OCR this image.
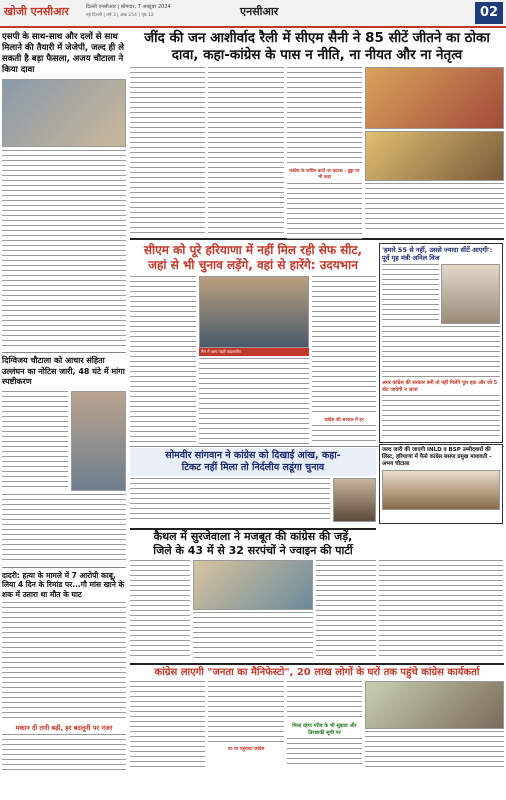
खोजी एनसीआर	दिल्ली एनसीआर | सोमवार, 7 अक्टूबर 2024
नई दिल्ली | वर्ष 3 | अंक 254 | पृष्ठ 12	एनसीआर	02
एसपी के साथ-साथ और दलों से साथ मिलाने की तैयारी में जेजेपी, जल्द ही ले सकती है बड़ा फैसला, अजय चौटाला ने किया दावा
दिग्विजय चौटाला को आचार संहिता उल्लंघन का नोटिस जारी, 48 घंटे में मांगा स्पष्टीकरण
दादरी: हत्या के मामले में 7 आरोपी काबू, लिया 4 दिन के रिमांड पर...गौ मांस खाने के शक में उतारा था मौत के घाट
मकान दी तारी बढ़ी, हर बदलूनी पर नजर
जींद की जन आशीर्वाद रैली में सीएम सैनी ने 85 सीटें जीतने का ठोका
दावा, कहा-कांग्रेस के पास न नीति, ना नीयत और ना नेतृत्व
कांग्रेस के कथित वादों पर कटाक्ष : हुड्डा पर भी कहा
सीएम को पूरे हरियाणा में नहीं मिल रही सेफ सीट,
जहां से भी चुनाव लड़ेंगे, वहां से हारेंगे: उदयभान
सैन में आप पहले कहलायेगा
कांग्रेस की सरकार में हर
'हमारे 55 से नहीं, उससे ज्यादा सीटें आएगी': पूर्व गृह मंत्री अनिल विज
अगर कांग्रेस की सरकार बनी तो नहीं मिलेंगे पूरा हक़ और जो 5 वोट जायेगी न जाना
सोमवीर सांगवान ने कांग्रेस को दिखाई आंख, कहा-
टिकट नहीं मिला तो निर्दलीय लडूंगा चुनाव
जल्द जारी की जाएगी INLD व BSP उम्मीदवारों की लिस्ट, हरियाणा में फैसे कांग्रेस बसपा प्रमुख मायावती - अभय चौटाला
कैथल में सुरजेवाला ने मजबूत की कांग्रेस की जड़ें,
जिले के 43 में से 32 सरपंचों ने ज्वाइन की पार्टी
कांग्रेस लाएगी "जनता का मैनिफेस्टो", 20 लाख लोगों के घरों तक पहुंचे कांग्रेस कार्यकर्ता
पर-पर पहुंचाया कांग्रेस
मिला रहेगा गरीब के भी सुझाव और तिरछाकी सूची पर
